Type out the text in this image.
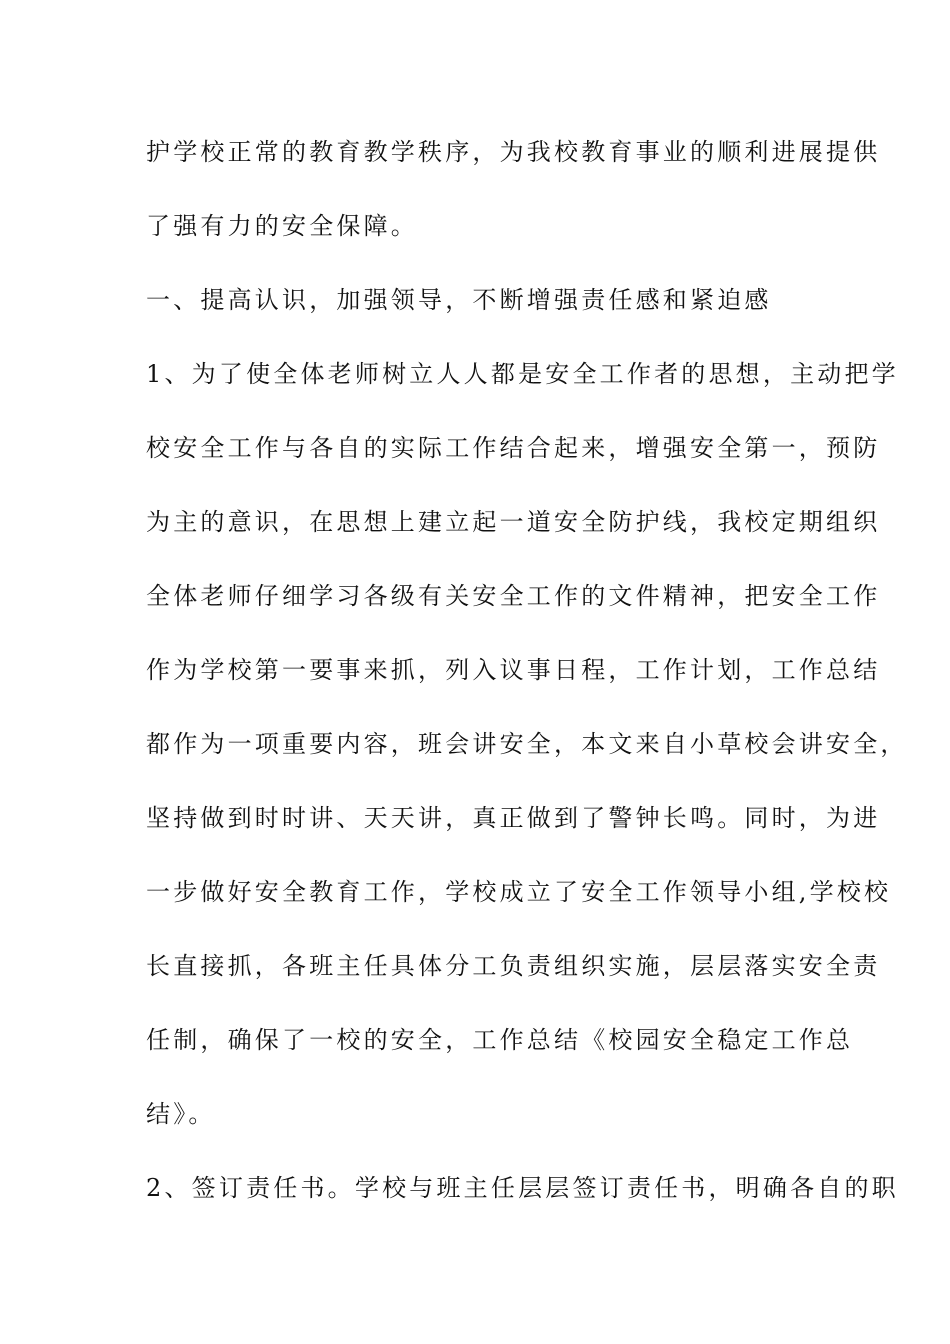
护学校正常的教育教学秩序，为我校教育事业的顺利进展提供
了强有力的安全保障。
一、提高认识，加强领导，不断增强责任感和紧迫感
1、为了使全体老师树立人人都是安全工作者的思想，主动把学
校安全工作与各自的实际工作结合起来，增强安全第一，预防
为主的意识，在思想上建立起一道安全防护线，我校定期组织
全体老师仔细学习各级有关安全工作的文件精神，把安全工作
作为学校第一要事来抓，列入议事日程，工作计划，工作总结
都作为一项重要内容，班会讲安全，本文来自小草校会讲安全，
坚持做到时时讲、天天讲，真正做到了警钟长鸣。同时，为进
一步做好安全教育工作，学校成立了安全工作领导小组,学校校
长直接抓，各班主任具体分工负责组织实施，层层落实安全责
任制，确保了一校的安全，工作总结《校园安全稳定工作总
结》。
2、签订责任书。学校与班主任层层签订责任书，明确各自的职
